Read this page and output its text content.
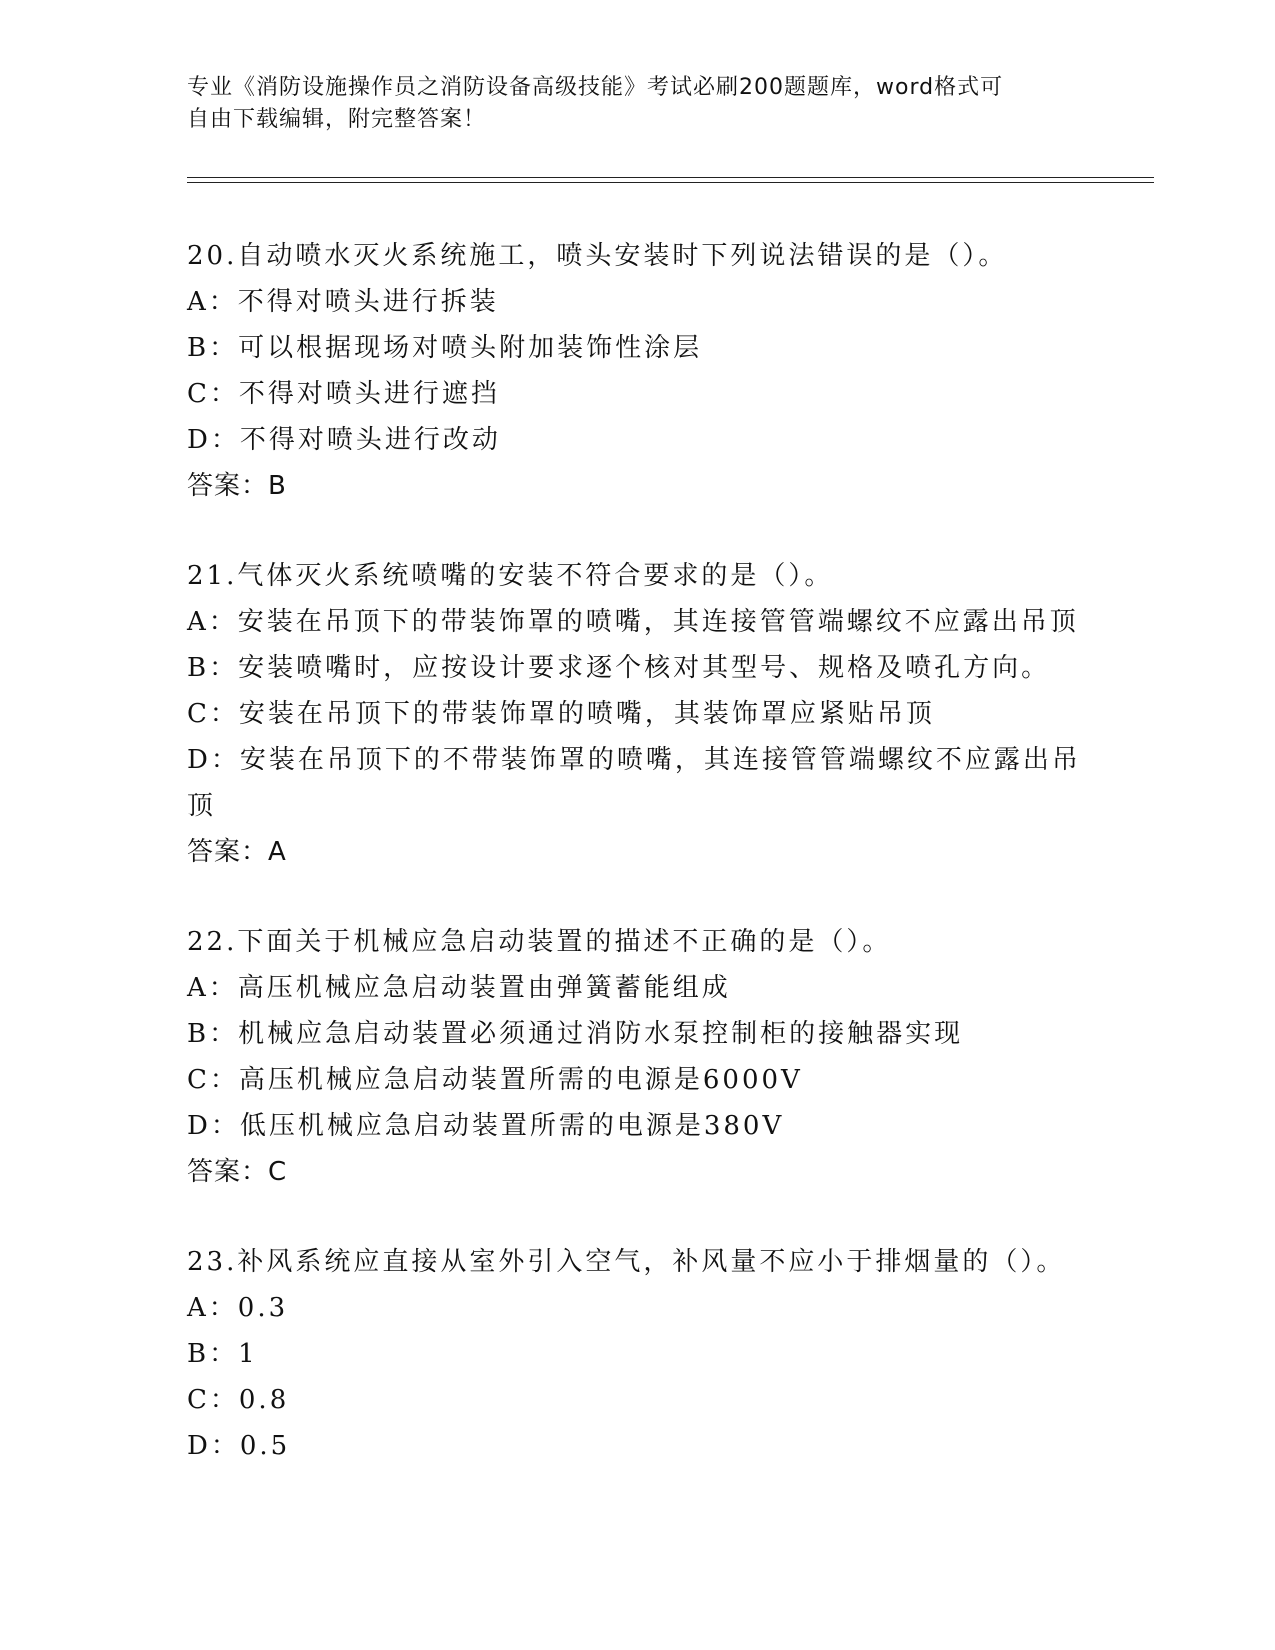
专业《消防设施操作员之消防设备高级技能》考试必刷200题题库，word格式可
自由下载编辑，附完整答案！
20.自动喷水灭火系统施工，喷头安装时下列说法错误的是（）。
A：不得对喷头进行拆装
B：可以根据现场对喷头附加装饰性涂层
C：不得对喷头进行遮挡
D：不得对喷头进行改动
答案：B
21.气体灭火系统喷嘴的安装不符合要求的是（）。
A：安装在吊顶下的带装饰罩的喷嘴，其连接管管端螺纹不应露出吊顶
B：安装喷嘴时，应按设计要求逐个核对其型号、规格及喷孔方向。
C：安装在吊顶下的带装饰罩的喷嘴，其装饰罩应紧贴吊顶
D：安装在吊顶下的不带装饰罩的喷嘴，其连接管管端螺纹不应露出吊顶
答案：A
22.下面关于机械应急启动装置的描述不正确的是（）。
A：高压机械应急启动装置由弹簧蓄能组成
B：机械应急启动装置必须通过消防水泵控制柜的接触器实现
C：高压机械应急启动装置所需的电源是6000V
D：低压机械应急启动装置所需的电源是380V
答案：C
23.补风系统应直接从室外引入空气，补风量不应小于排烟量的（）。
A：0.3
B：1
C：0.8
D：0.5
